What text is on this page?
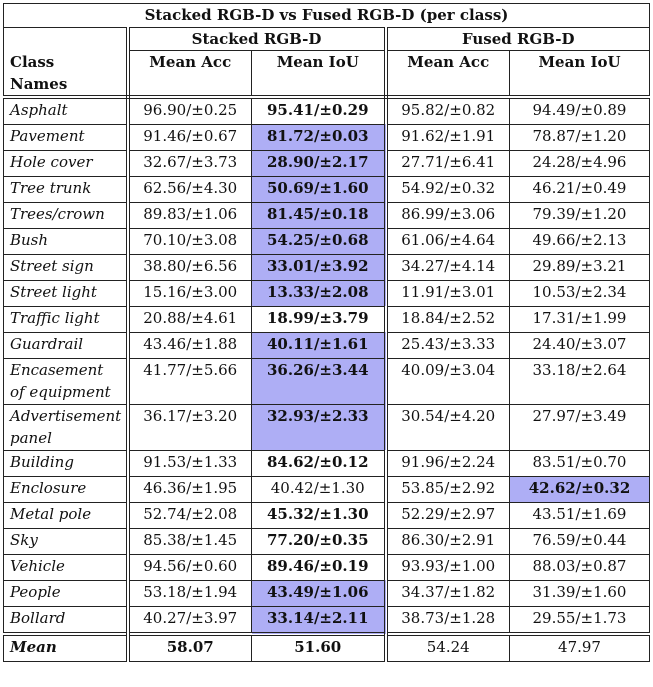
Stacked RGB-D vs Fused RGB-D (per class)				
	Stacked RGB-D		Fused RGB-D	

Class
Names	Mean Acc	Mean IoU	Mean Acc	Mean IoU
Asphalt	96.90/±0.25	95.41/±0.29	95.82/±0.82	94.49/±0.89
Pavement	91.46/±0.67	81.72/±0.03	91.62/±1.91	78.87/±1.20
Hole cover	32.67/±3.73	28.90/±2.17	27.71/±6.41	24.28/±4.96
Tree trunk	62.56/±4.30	50.69/±1.60	54.92/±0.32	46.21/±0.49
Trees/crown	89.83/±1.06	81.45/±0.18	86.99/±3.06	79.39/±1.20
Bush	70.10/±3.08	54.25/±0.68	61.06/±4.64	49.66/±2.13
Street sign	38.80/±6.56	33.01/±3.92	34.27/±4.14	29.89/±3.21
Street light	15.16/±3.00	13.33/±2.08	11.91/±3.01	10.53/±2.34
Traffic light	20.88/±4.61	18.99/±3.79	18.84/±2.52	17.31/±1.99
Guardrail	43.46/±1.88	40.11/±1.61	25.43/±3.33	24.40/±3.07

Encasement
of equipment	41.77/±5.66	36.26/±3.44	40.09/±3.04	33.18/±2.64

Advertisement
panel	36.17/±3.20	32.93/±2.33	30.54/±4.20	27.97/±3.49
Building	91.53/±1.33	84.62/±0.12	91.96/±2.24	83.51/±0.70
Enclosure	46.36/±1.95	40.42/±1.30	53.85/±2.92	42.62/±0.32
Metal pole	52.74/±2.08	45.32/±1.30	52.29/±2.97	43.51/±1.69
Sky	85.38/±1.45	77.20/±0.35	86.30/±2.91	76.59/±0.44
Vehicle	94.56/±0.60	89.46/±0.19	93.93/±1.00	88.03/±0.87
People	53.18/±1.94	43.49/±1.06	34.37/±1.82	31.39/±1.60
Bollard	40.27/±3.97	33.14/±2.11	38.73/±1.28	29.55/±1.73
Mean	58.07	51.60	54.24	47.97
